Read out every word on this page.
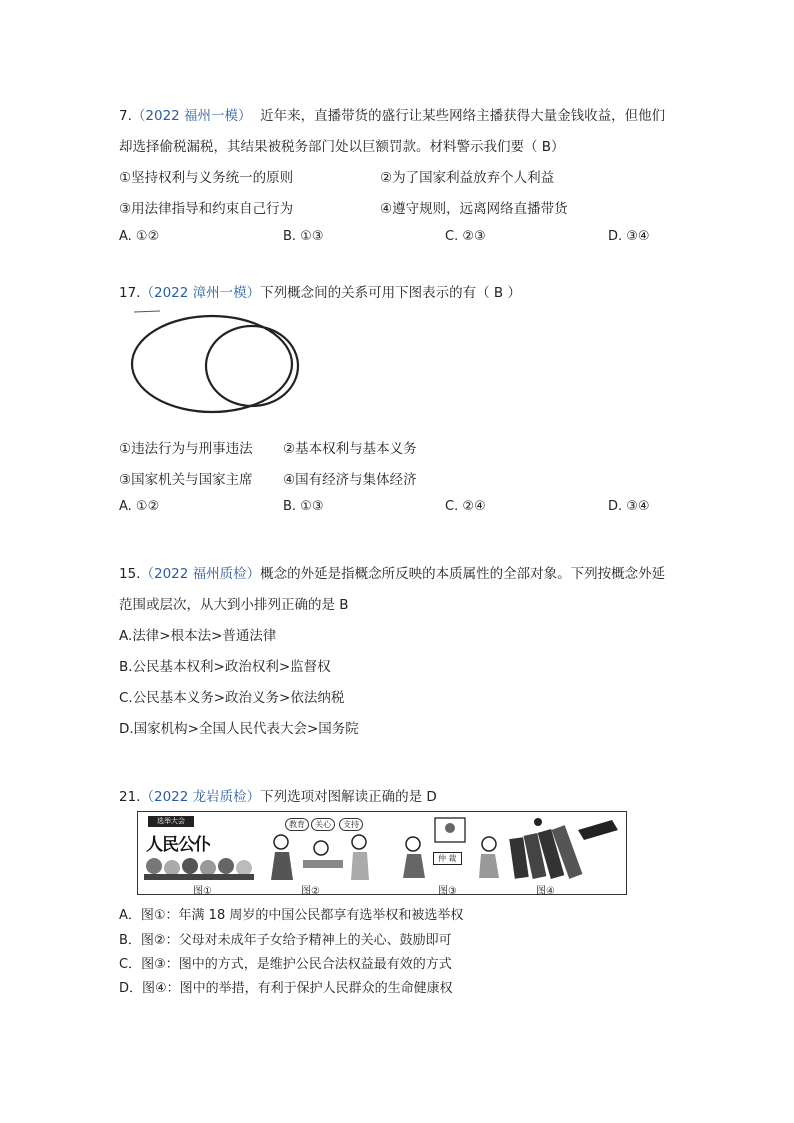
7.（2022 福州一模） 近年来，直播带货的盛行让某些网络主播获得大量金钱收益，但他们
却选择偷税漏税，其结果被税务部门处以巨额罚款。材料警示我们要（ B）
①坚持权利与义务统一的原则	②为了国家利益放弃个人利益
③用法律指导和约束自己行为	④遵守规则，远离网络直播带货
A. ①②	B. ①③	C. ②③	D. ③④
17.（2022 漳州一模）下列概念间的关系可用下图表示的有（ B ）
①违法行为与刑事违法 ②基本权利与基本义务
③国家机关与国家主席 ④国有经济与集体经济
A. ①②	B. ①③	C. ②④	D. ③④
15.（2022 福州质检）概念的外延是指概念所反映的本质属性的全部对象。下列按概念外延
范围或层次，从大到小排列正确的是 B
A.法律>根本法>普通法律
B.公民基本权利>政治权利>监督权
C.公民基本义务>政治义务>依法纳税
D.国家机构>全国人民代表大会>国务院
21.（2022 龙岩质检）下列选项对图解读正确的是 D
选举大会
人民公仆
图①
教育	关心	支持
图②
仲 裁
图③	图④
A．图①：年满 18 周岁的中国公民都享有选举权和被选举权
B．图②：父母对未成年子女给予精神上的关心、鼓励即可
C．图③：图中的方式，是维护公民合法权益最有效的方式
D．图④：图中的举措，有利于保护人民群众的生命健康权
